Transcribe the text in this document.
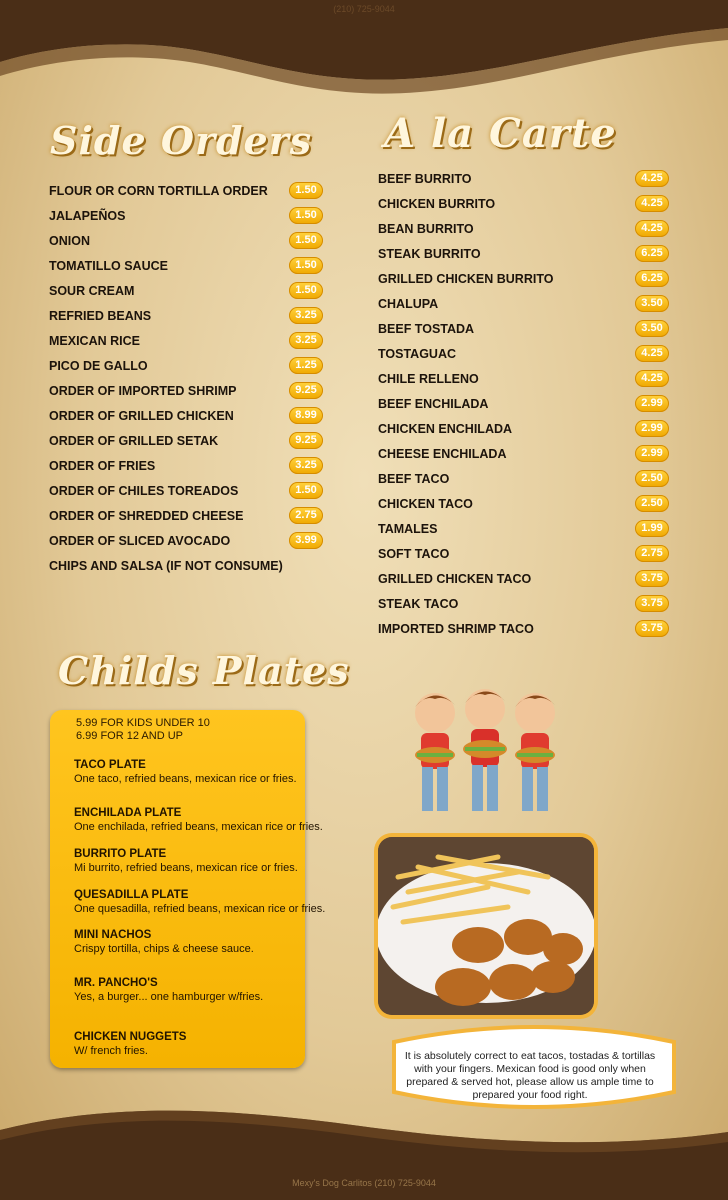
(210) 725-9044
Side Orders
FLOUR OR CORN TORTILLA ORDER	1.50
JALAPEÑOS	1.50
ONION	1.50
TOMATILLO SAUCE	1.50
SOUR CREAM	1.50
REFRIED BEANS	3.25
MEXICAN RICE	3.25
PICO DE GALLO	1.25
ORDER OF IMPORTED SHRIMP	9.25
ORDER OF GRILLED CHICKEN	8.99
ORDER OF GRILLED SETAK	9.25
ORDER OF FRIES	3.25
ORDER OF CHILES TOREADOS	1.50
ORDER OF SHREDDED CHEESE	2.75
ORDER OF SLICED AVOCADO	3.99
CHIPS AND SALSA (IF NOT CONSUME)
A la Carte
BEEF BURRITO	4.25
CHICKEN BURRITO	4.25
BEAN BURRITO	4.25
STEAK BURRITO	6.25
GRILLED CHICKEN BURRITO	6.25
CHALUPA	3.50
BEEF TOSTADA	3.50
TOSTAGUAC	4.25
CHILE RELLENO	4.25
BEEF ENCHILADA	2.99
CHICKEN ENCHILADA	2.99
CHEESE ENCHILADA	2.99
BEEF TACO	2.50
CHICKEN TACO	2.50
TAMALES	1.99
SOFT TACO	2.75
GRILLED CHICKEN TACO	3.75
STEAK TACO	3.75
IMPORTED SHRIMP TACO	3.75
Childs Plates
5.99 FOR KIDS UNDER 10
6.99 FOR 12 AND UP
TACO PLATE
One taco, refried beans, mexican rice or fries.
ENCHILADA PLATE
One enchilada, refried beans, mexican rice or fries.
BURRITO PLATE
Mi burrito, refried beans, mexican rice or fries.
QUESADILLA PLATE
One quesadilla, refried beans, mexican rice or fries.
MINI NACHOS
Crispy tortilla, chips & cheese sauce.
MR. PANCHO'S
Yes, a burger... one hamburger w/fries.
CHICKEN NUGGETS
W/ french fries.	It is absolutely correct to eat tacos, tostadas & tortillas with your fingers. Mexican food is good only when prepared & served hot, please allow us ample time to prepared your food right.
Mexy's Dog Carlitos (210) 725-9044
